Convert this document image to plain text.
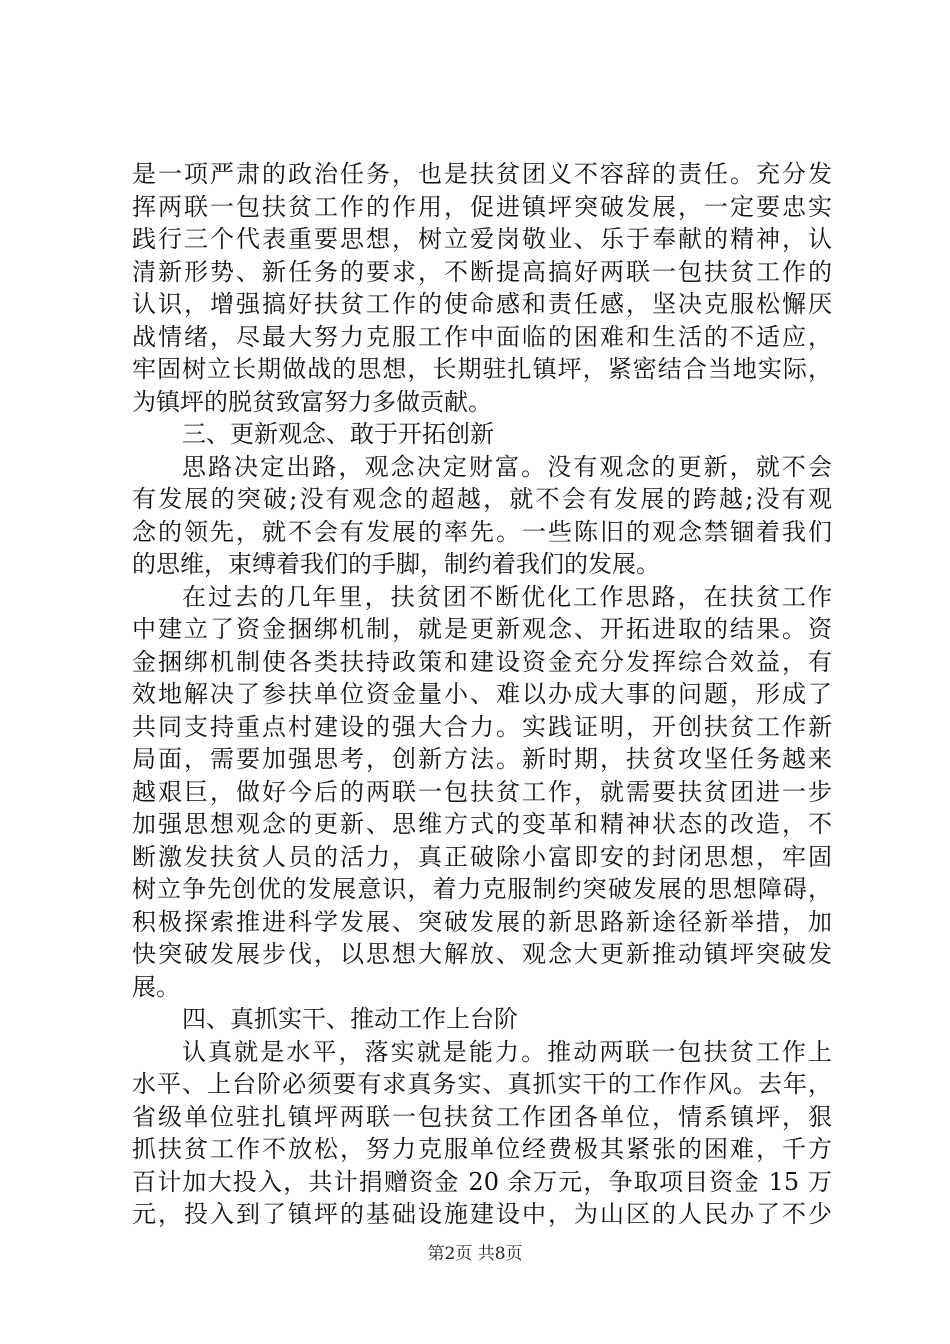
是一项严肃的政治任务，也是扶贫团义不容辞的责任。充分发
挥两联一包扶贫工作的作用，促进镇坪突破发展，一定要忠实
践行三个代表重要思想，树立爱岗敬业、乐于奉献的精神，认
清新形势、新任务的要求，不断提高搞好两联一包扶贫工作的
认识，增强搞好扶贫工作的使命感和责任感，坚决克服松懈厌
战情绪，尽最大努力克服工作中面临的困难和生活的不适应，
牢固树立长期做战的思想，长期驻扎镇坪，紧密结合当地实际，
为镇坪的脱贫致富努力多做贡献。
三、更新观念、敢于开拓创新
思路决定出路，观念决定财富。没有观念的更新，就不会
有发展的突破;没有观念的超越，就不会有发展的跨越;没有观
念的领先，就不会有发展的率先。一些陈旧的观念禁锢着我们
的思维，束缚着我们的手脚，制约着我们的发展。
在过去的几年里，扶贫团不断优化工作思路，在扶贫工作
中建立了资金捆绑机制，就是更新观念、开拓进取的结果。资
金捆绑机制使各类扶持政策和建设资金充分发挥综合效益，有
效地解决了参扶单位资金量小、难以办成大事的问题，形成了
共同支持重点村建设的强大合力。实践证明，开创扶贫工作新
局面，需要加强思考，创新方法。新时期，扶贫攻坚任务越来
越艰巨，做好今后的两联一包扶贫工作，就需要扶贫团进一步
加强思想观念的更新、思维方式的变革和精神状态的改造，不
断激发扶贫人员的活力，真正破除小富即安的封闭思想，牢固
树立争先创优的发展意识，着力克服制约突破发展的思想障碍，
积极探索推进科学发展、突破发展的新思路新途径新举措，加
快突破发展步伐，以思想大解放、观念大更新推动镇坪突破发
展。
四、真抓实干、推动工作上台阶
认真就是水平，落实就是能力。推动两联一包扶贫工作上
水平、上台阶必须要有求真务实、真抓实干的工作作风。去年，
省级单位驻扎镇坪两联一包扶贫工作团各单位，情系镇坪，狠
抓扶贫工作不放松，努力克服单位经费极其紧张的困难，千方
百计加大投入，共计捐赠资金 20 余万元，争取项目资金 15 万
元，投入到了镇坪的基础设施建设中，为山区的人民办了不少
第2页 共8页
